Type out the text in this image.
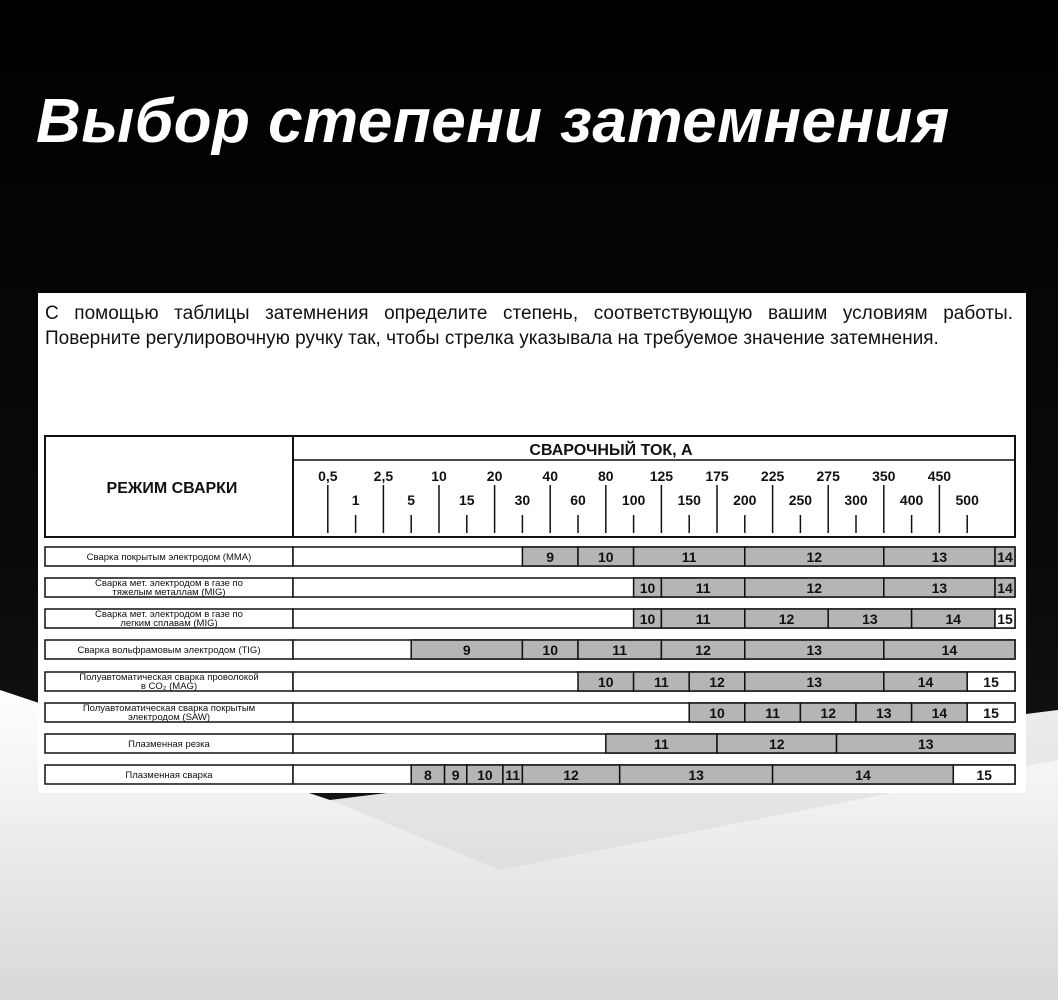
Выбор степени затемнения

С помощью таблицы затемнения определите степень, соответствующую вашим условиям работы. Поверните регулировочную ручку так, чтобы стрелка указывала на требуемое значение затемнения.

РЕЖИМ СВАРКИ
СВАРОЧНЫЙ ТОК, А
0,5	2,5	10	20	40	80	125 175 225 275 350 450
1	5	15	30	60	100 150 200 250 300 400 500
Сварка покрытым электродом (MMA)	9	10	11	12	13	14
Сварка мет. электродом в газе по
тяжелым металлам (MIG)	10	11	12	13	14
Сварка мет. электродом в газе по
легким сплавам (MIG)	10	11	12	13	14	15
Сварка вольфрамовым электродом (TIG)	9	10	11	12	13	14
Полуавтоматическая сварка проволокой
в CO₂ (MAG)	10	11	12	13	14	15
Полуавтоматическая сварка покрытым
электродом (SAW)	10	11	12	13	14	15
Плазменная резка	11	12	13
Плазменная сварка	8 9 10 11	12	13	14	15
